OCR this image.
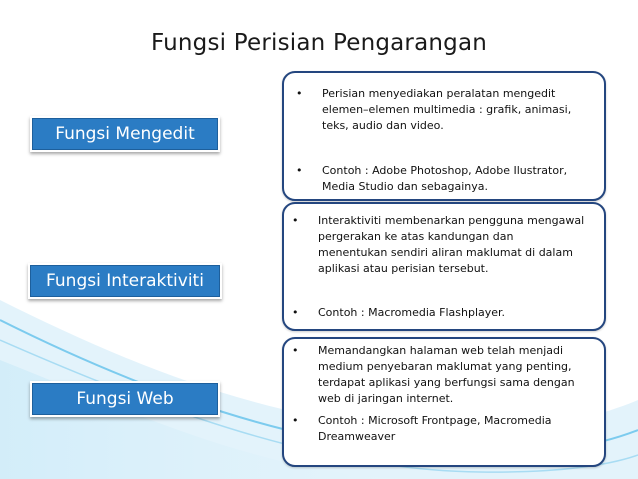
Fungsi Perisian Pengarangan
Fungsi Mengedit
Fungsi Interaktiviti
Fungsi Web
• Perisian menyediakan peralatan mengedit
elemen–elemen multimedia : grafik, animasi,
teks, audio dan video.
• Contoh : Adobe Photoshop, Adobe Ilustrator,
Media Studio dan sebagainya.
• Interaktiviti membenarkan pengguna mengawal
pergerakan ke atas kandungan dan
menentukan sendiri aliran maklumat di dalam
aplikasi atau perisian tersebut.
• Contoh : Macromedia Flashplayer.
• Memandangkan halaman web telah menjadi
medium penyebaran maklumat yang penting,
terdapat aplikasi yang berfungsi sama dengan
web di jaringan internet.
• Contoh : Microsoft Frontpage, Macromedia
Dreamweaver
